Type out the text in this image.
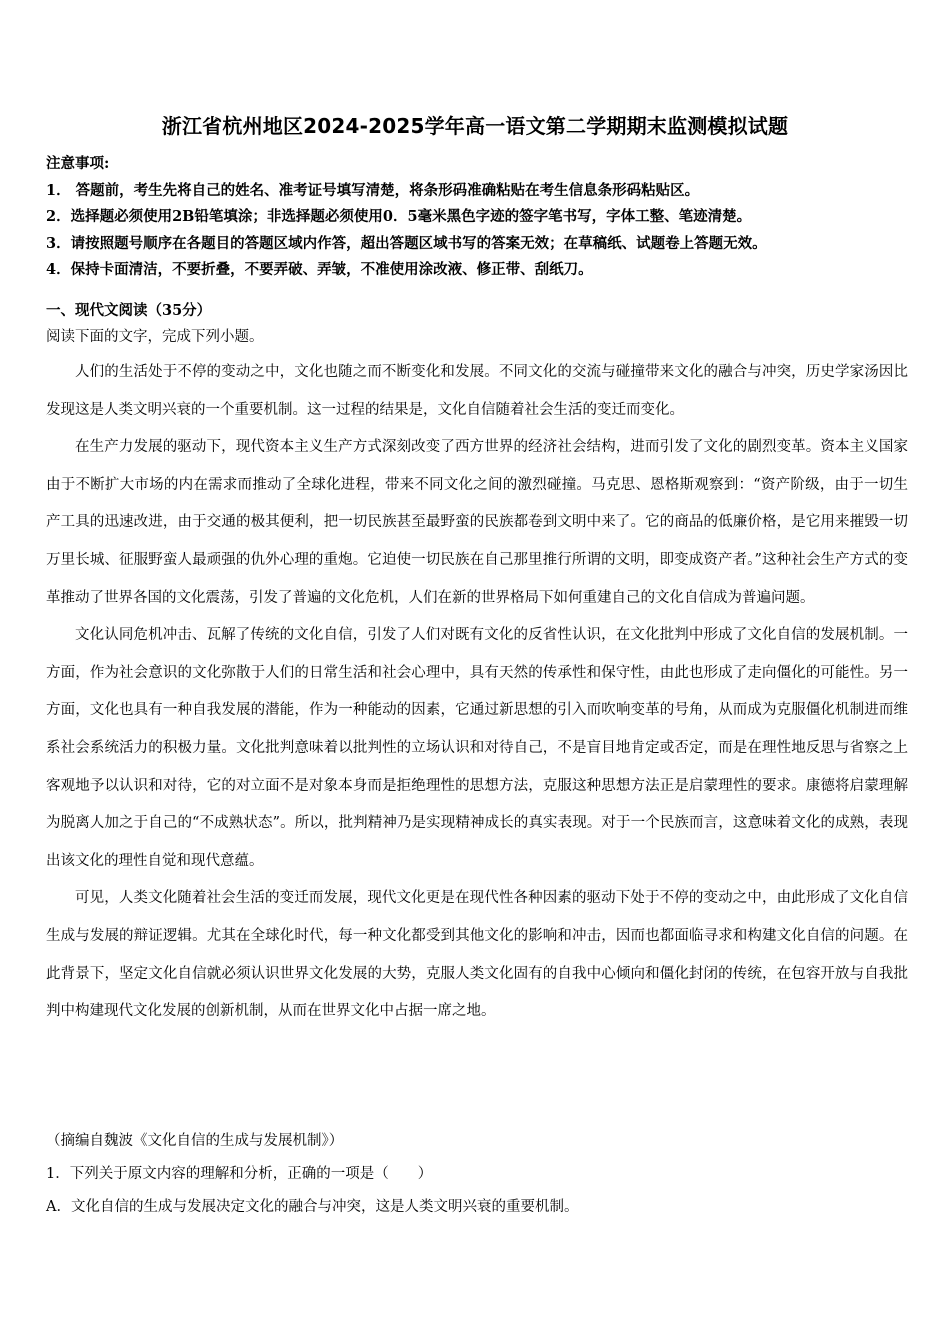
浙江省杭州地区2024-2025学年高一语文第二学期期末监测模拟试题
注意事项:
1． 答题前，考生先将自己的姓名、准考证号填写清楚，将条形码准确粘贴在考生信息条形码粘贴区。
2．选择题必须使用2B铅笔填涂；非选择题必须使用0．5毫米黑色字迹的签字笔书写，字体工整、笔迹清楚。
3．请按照题号顺序在各题目的答题区域内作答，超出答题区域书写的答案无效；在草稿纸、试题卷上答题无效。
4．保持卡面清洁，不要折叠，不要弄破、弄皱，不准使用涂改液、修正带、刮纸刀。
一、现代文阅读（35分）
阅读下面的文字，完成下列小题。

人们的生活处于不停的变动之中，文化也随之而不断变化和发展。不同文化的交流与碰撞带来文化的融合与冲突，历史学家汤因比发现这是人类文明兴衰的一个重要机制。这一过程的结果是，文化自信随着社会生活的变迁而变化。

在生产力发展的驱动下，现代资本主义生产方式深刻改变了西方世界的经济社会结构，进而引发了文化的剧烈变革。资本主义国家由于不断扩大市场的内在需求而推动了全球化进程，带来不同文化之间的激烈碰撞。马克思、恩格斯观察到：“资产阶级，由于一切生产工具的迅速改进，由于交通的极其便利，把一切民族甚至最野蛮的民族都卷到文明中来了。它的商品的低廉价格，是它用来摧毁一切万里长城、征服野蛮人最顽强的仇外心理的重炮。它迫使一切民族在自己那里推行所谓的文明，即变成资产者。”这种社会生产方式的变革推动了世界各国的文化震荡，引发了普遍的文化危机，人们在新的世界格局下如何重建自己的文化自信成为普遍问题。

文化认同危机冲击、瓦解了传统的文化自信，引发了人们对既有文化的反省性认识，在文化批判中形成了文化自信的发展机制。一方面，作为社会意识的文化弥散于人们的日常生活和社会心理中，具有天然的传承性和保守性，由此也形成了走向僵化的可能性。另一方面，文化也具有一种自我发展的潜能，作为一种能动的因素，它通过新思想的引入而吹响变革的号角，从而成为克服僵化机制进而维系社会系统活力的积极力量。文化批判意味着以批判性的立场认识和对待自己，不是盲目地肯定或否定，而是在理性地反思与省察之上客观地予以认识和对待，它的对立面不是对象本身而是拒绝理性的思想方法，克服这种思想方法正是启蒙理性的要求。康德将启蒙理解为脱离人加之于自己的“不成熟状态”。所以，批判精神乃是实现精神成长的真实表现。对于一个民族而言，这意味着文化的成熟，表现出该文化的理性自觉和现代意蕴。

可见，人类文化随着社会生活的变迁而发展，现代文化更是在现代性各种因素的驱动下处于不停的变动之中，由此形成了文化自信生成与发展的辩证逻辑。尤其在全球化时代，每一种文化都受到其他文化的影响和冲击，因而也都面临寻求和构建文化自信的问题。在此背景下，坚定文化自信就必须认识世界文化发展的大势，克服人类文化固有的自我中心倾向和僵化封闭的传统，在包容开放与自我批判中构建现代文化发展的创新机制，从而在世界文化中占据一席之地。

（摘编自魏波《文化自信的生成与发展机制》）
1．下列关于原文内容的理解和分析，正确的一项是（　　）
A．文化自信的生成与发展决定文化的融合与冲突，这是人类文明兴衰的重要机制。
